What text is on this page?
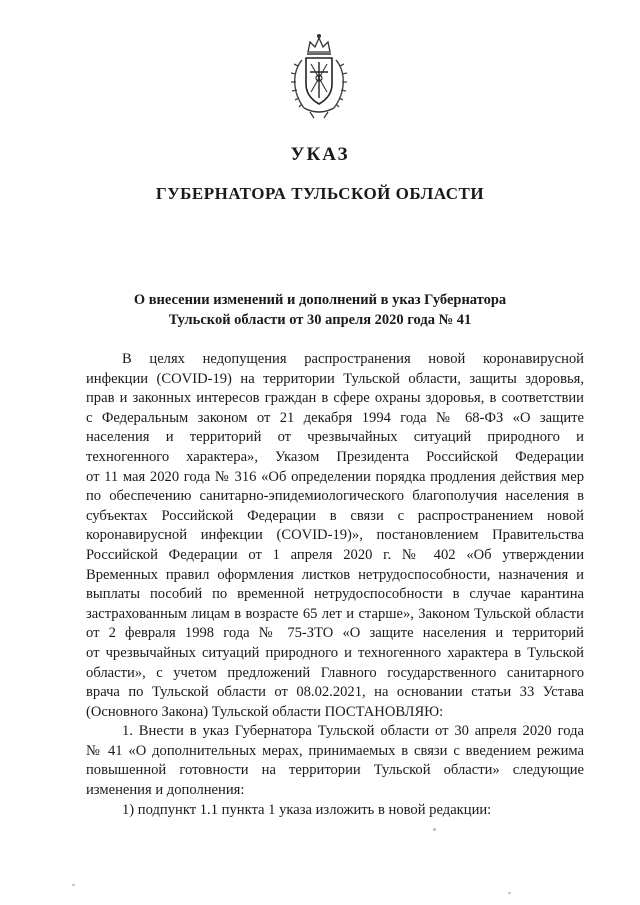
УКАЗ
ГУБЕРНАТОРА ТУЛЬСКОЙ ОБЛАСТИ
О внесении изменений и дополнений в указ Губернатора
Тульской области от 30 апреля 2020 года № 41
В целях недопущения распространения новой коронавирусной
инфекции (COVID-19) на территории Тульской области, защиты здоровья,
прав и законных интересов граждан в сфере охраны здоровья, в соответствии
с Федеральным законом от 21 декабря 1994 года № 68-ФЗ «О защите
населения и территорий от чрезвычайных ситуаций природного и
техногенного характера», Указом Президента Российской Федерации
от 11 мая 2020 года № 316 «Об определении порядка продления действия мер
по обеспечению санитарно-эпидемиологического благополучия населения в
субъектах Российской Федерации в связи с распространением новой
коронавирусной инфекции (COVID-19)», постановлением Правительства
Российской Федерации от 1 апреля 2020 г. № 402 «Об утверждении
Временных правил оформления листков нетрудоспособности, назначения и
выплаты пособий по временной нетрудоспособности в случае карантина
застрахованным лицам в возрасте 65 лет и старше», Законом Тульской области
от 2 февраля 1998 года № 75-ЗТО «О защите населения и территорий
от чрезвычайных ситуаций природного и техногенного характера в Тульской
области», с учетом предложений Главного государственного санитарного
врача по Тульской области от 08.02.2021, на основании статьи 33 Устава
(Основного Закона) Тульской области ПОСТАНОВЛЯЮ:
1. Внести в указ Губернатора Тульской области от 30 апреля 2020 года
№ 41 «О дополнительных мерах, принимаемых в связи с введением режима
повышенной готовности на территории Тульской области» следующие
изменения и дополнения:
1) подпункт 1.1 пункта 1 указа изложить в новой редакции:
